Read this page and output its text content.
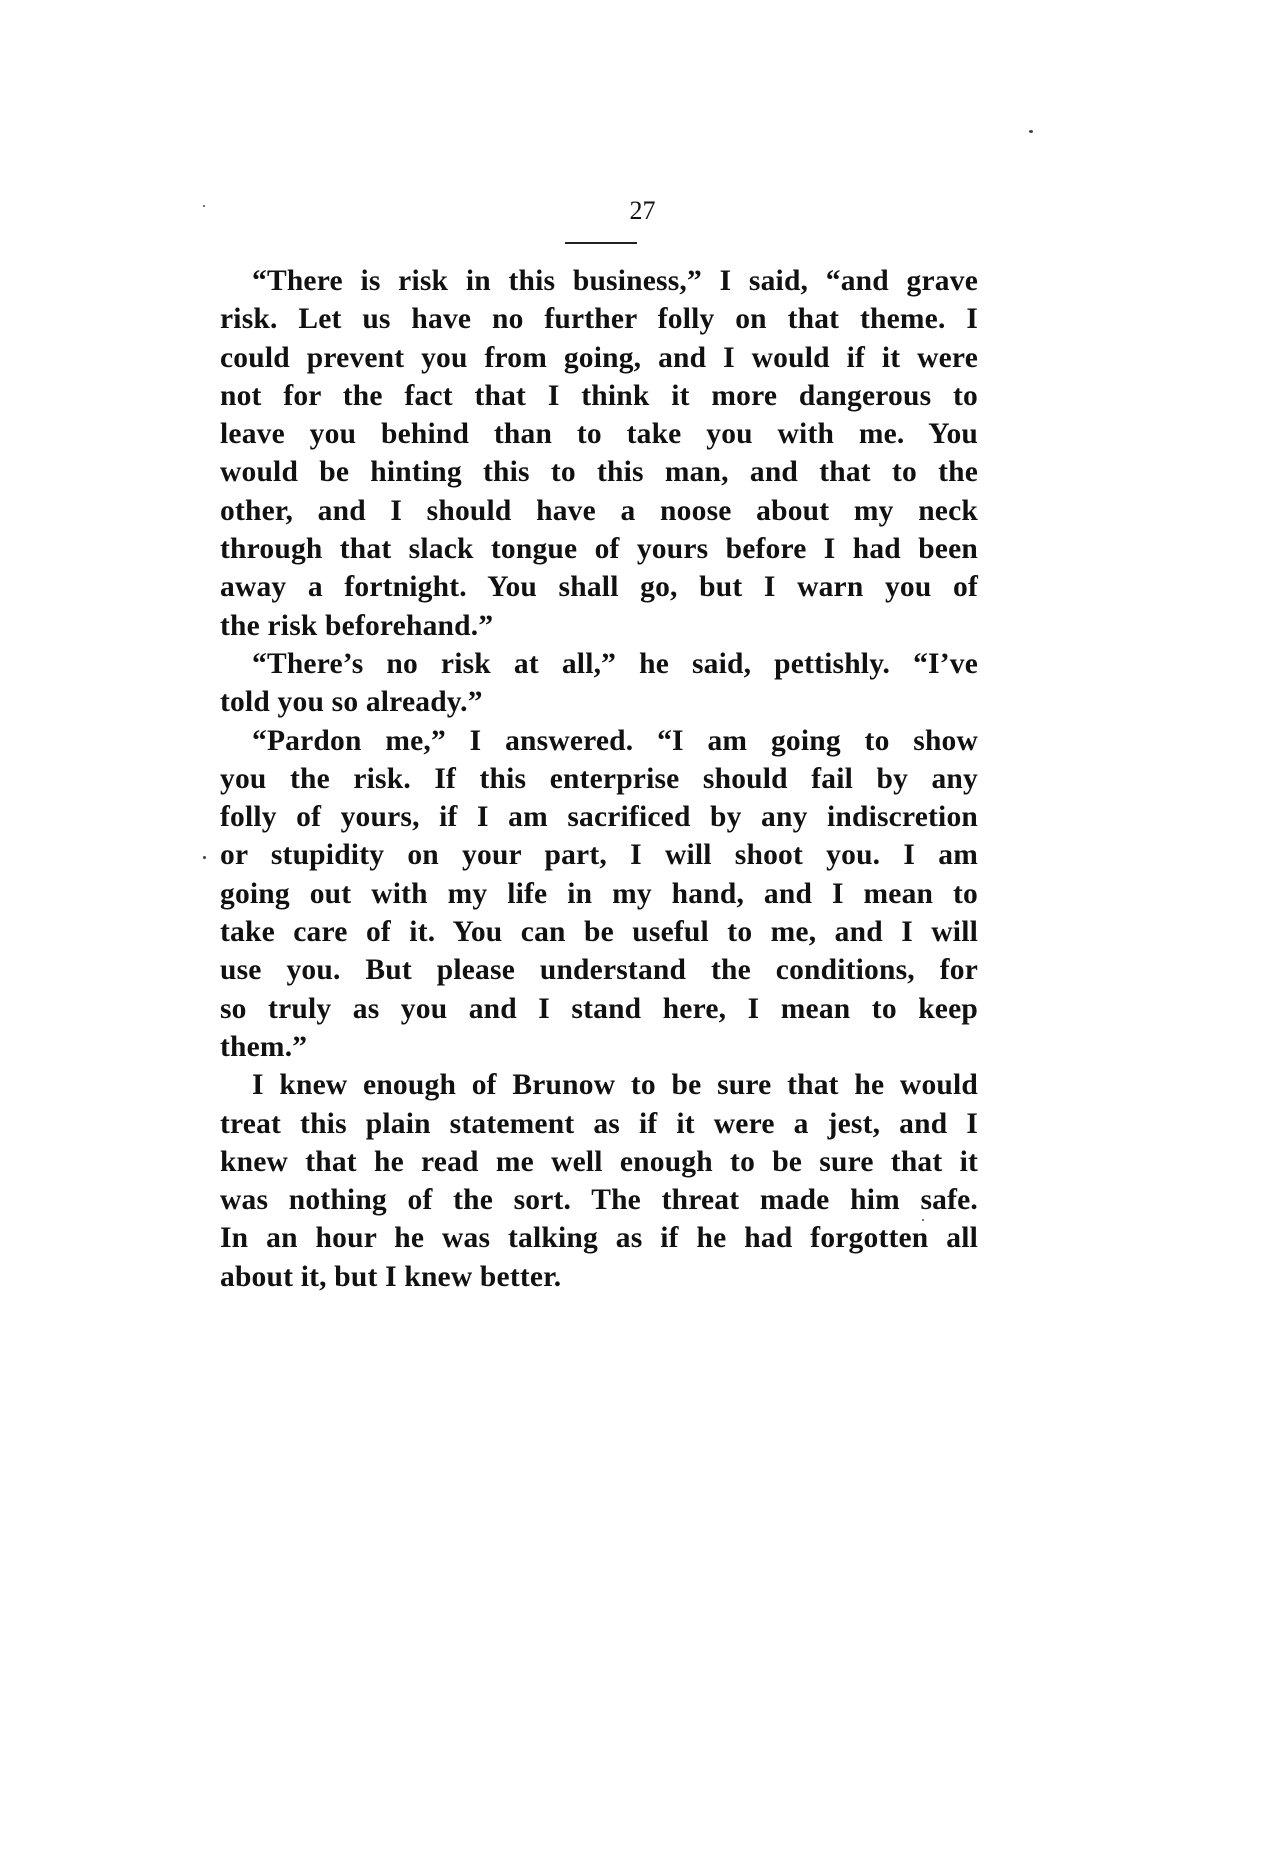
27
“There is risk in this business,” I said, “and grave
risk. Let us have no further folly on that theme. I
could prevent you from going, and I would if it were
not for the fact that I think it more dangerous to
leave you behind than to take you with me. You
would be hinting this to this man, and that to the
other, and I should have a noose about my neck
through that slack tongue of yours before I had been
away a fortnight. You shall go, but I warn you of
the risk beforehand.”
“There’s no risk at all,” he said, pettishly. “I’ve
told you so already.”
“Pardon me,” I answered. “I am going to show
you the risk. If this enterprise should fail by any
folly of yours, if I am sacrificed by any indiscretion
or stupidity on your part, I will shoot you. I am
going out with my life in my hand, and I mean to
take care of it. You can be useful to me, and I will
use you. But please understand the conditions, for
so truly as you and I stand here, I mean to keep
them.”
I knew enough of Brunow to be sure that he would
treat this plain statement as if it were a jest, and I
knew that he read me well enough to be sure that it
was nothing of the sort. The threat made him safe.
In an hour he was talking as if he had forgotten all
about it, but I knew better.
